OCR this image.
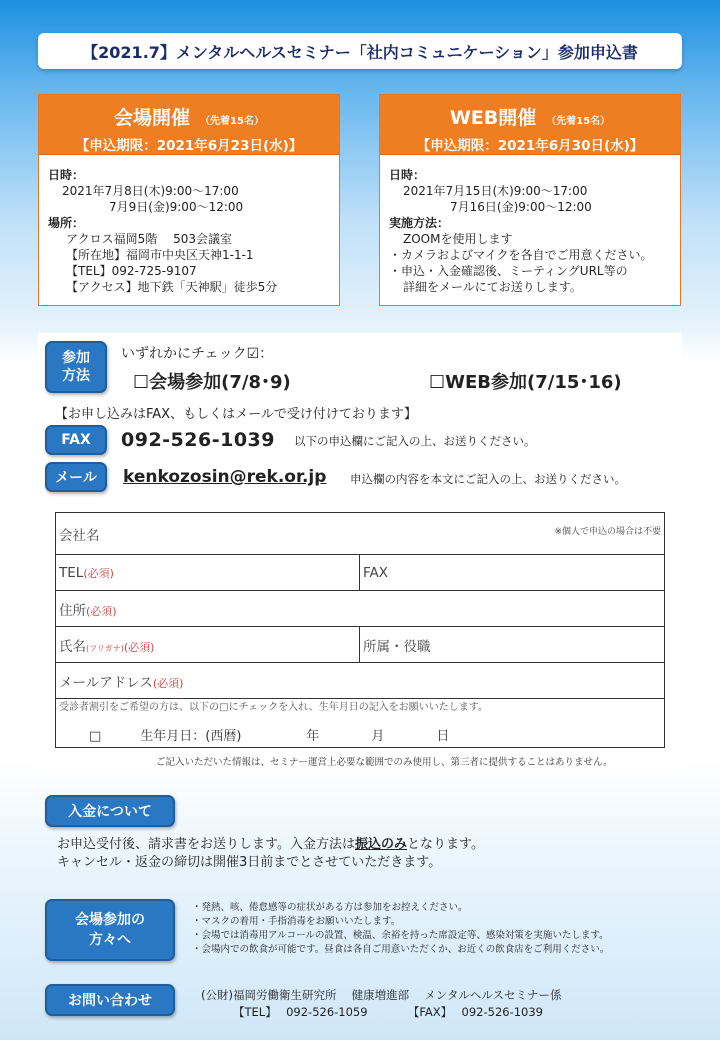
【2021.7】メンタルヘルスセミナー「社内コミュニケーション」参加申込書
会場開催 （先着15名）
【申込期限：2021年6月23日(水)】
日時：
2021年7月8日(木)9:00～17:00
7月9日(金)9:00～12:00
場所：
アクロス福岡5階　 503会議室
【所在地】福岡市中央区天神1-1-1
【TEL】092-725-9107
【アクセス】地下鉄「天神駅」徒歩5分
WEB開催 （先着15名）
【申込期限：2021年6月30日(水)】
日時：
2021年7月15日(木)9:00～17:00
7月16日(金)9:00～12:00
実施方法：
ZOOMを使用します
・カメラおよびマイクを各自でご用意ください。
・申込・入金確認後、ミーティングURL等の
詳細をメールにてお送りします。
参加
方法
いずれかにチェック☑：
☐会場参加(7/8･9)	☐WEB参加(7/15･16)
【お申し込みはFAX、もしくはメールで受け付けております】
FAX	092-526-1039 以下の申込欄にご記入の上、お送りください。
メール	kenkozosin@rek.or.jp 申込欄の内容を本文にご記入の上、お送りください。
会社名 ※個人で申込の場合は不要	

TEL(必須)	FAX
住所(必須)	
氏名(フリガナ)(必須)	所属・役職
メールアドレス(必須)	

受診者割引をご希望の方は、以下の□にチェックを入れ、生年月日の記入をお願いいたします。
□　　　生年月日：(西暦)　　　　　年　　　　月　　　　日	
ご記入いただいた情報は、セミナー運営上必要な範囲でのみ使用し、第三者に提供することはありません。
入金について
お申込受付後、請求書をお送りします。入金方法は振込のみとなります。
キャンセル・返金の締切は開催3日前までとさせていただきます。
会場参加の
方々へ
・発熱、咳、倦怠感等の症状がある方は参加をお控えください。
・マスクの着用・手指消毒をお願いいたします。
・会場では消毒用アルコールの設置、検温、余裕を持った席設定等、感染対策を実施いたします。
・会場内での飲食が可能です。昼食は各自ご用意いただくか、お近くの飲食店をご利用ください。
お問い合わせ	(公財)福岡労働衛生研究所　 健康増進部　 メンタルヘルスセミナー係
【TEL】　 092-526-1059　　　　【FAX】　 092-526-1039
